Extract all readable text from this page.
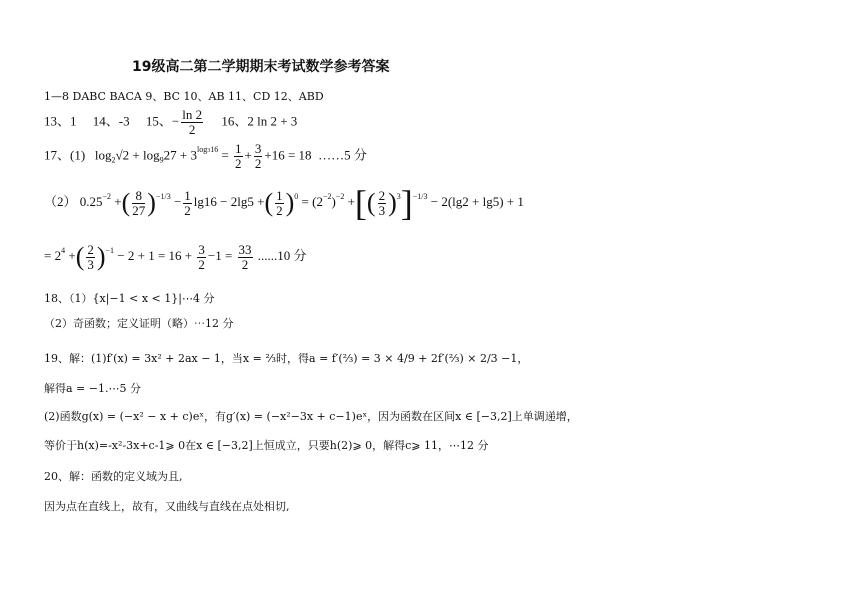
19级高二第二学期期末考试数学参考答案
1—8 DABC BACA 9、BC 10、AB 11、CD 12、ABD
13、1 14、-3 15、− $\frac{\ln 2}{2} 16$、2 ln 2 + 3
17、(1)   $\log_2√2 + \log_927 + 3^{log316} = \frac{1}{2} + \frac{3}{2} +16 = 18$  ……5 分
（2） $0.25^{-2}$ +( $\frac{8}{27} )^{-1/3} - \frac{1}{2} \lg 16 - 2\lg 5$ +( $\frac{1}{2} )^0 = (2^{-2})^{-2}$ +[( $\frac{2}{3} )^3]^{-1/3} - 2(\lg 2 + \lg 5) + 1$
= $2^4$ +( $\frac{2}{3} )^{-1} - 2 + 1 = 16 + \frac{3}{2} -1 = \frac{33}{2} ......10$ 分
18、（1）{x|−1 < x < 1}|⋯4 分
（2）奇函数；定义证明（略）⋯12 分
19、解：(1)f′(x) = 3x² + 2ax − 1，当x = ⅔时，得a = f′(⅔) = 3 × 4/9 + 2f′(⅔) × 2/3 −1，
解得a = −1.⋯5 分
(2)函数g(x) = (−x² − x + c)eˣ，有g′(x) = (−x²−3x + c−1)eˣ，因为函数在区间x ∈ [−3,2]上单调递增，
等价于h(x)=-x²-3x+c-1⩾ 0在x ∈ [−3,2]上恒成立，只要h(2)⩾ 0，解得c⩾ 11，⋯12 分
20、解：函数的定义域为且,
因为点在直线上，故有，又曲线与直线在点处相切,
